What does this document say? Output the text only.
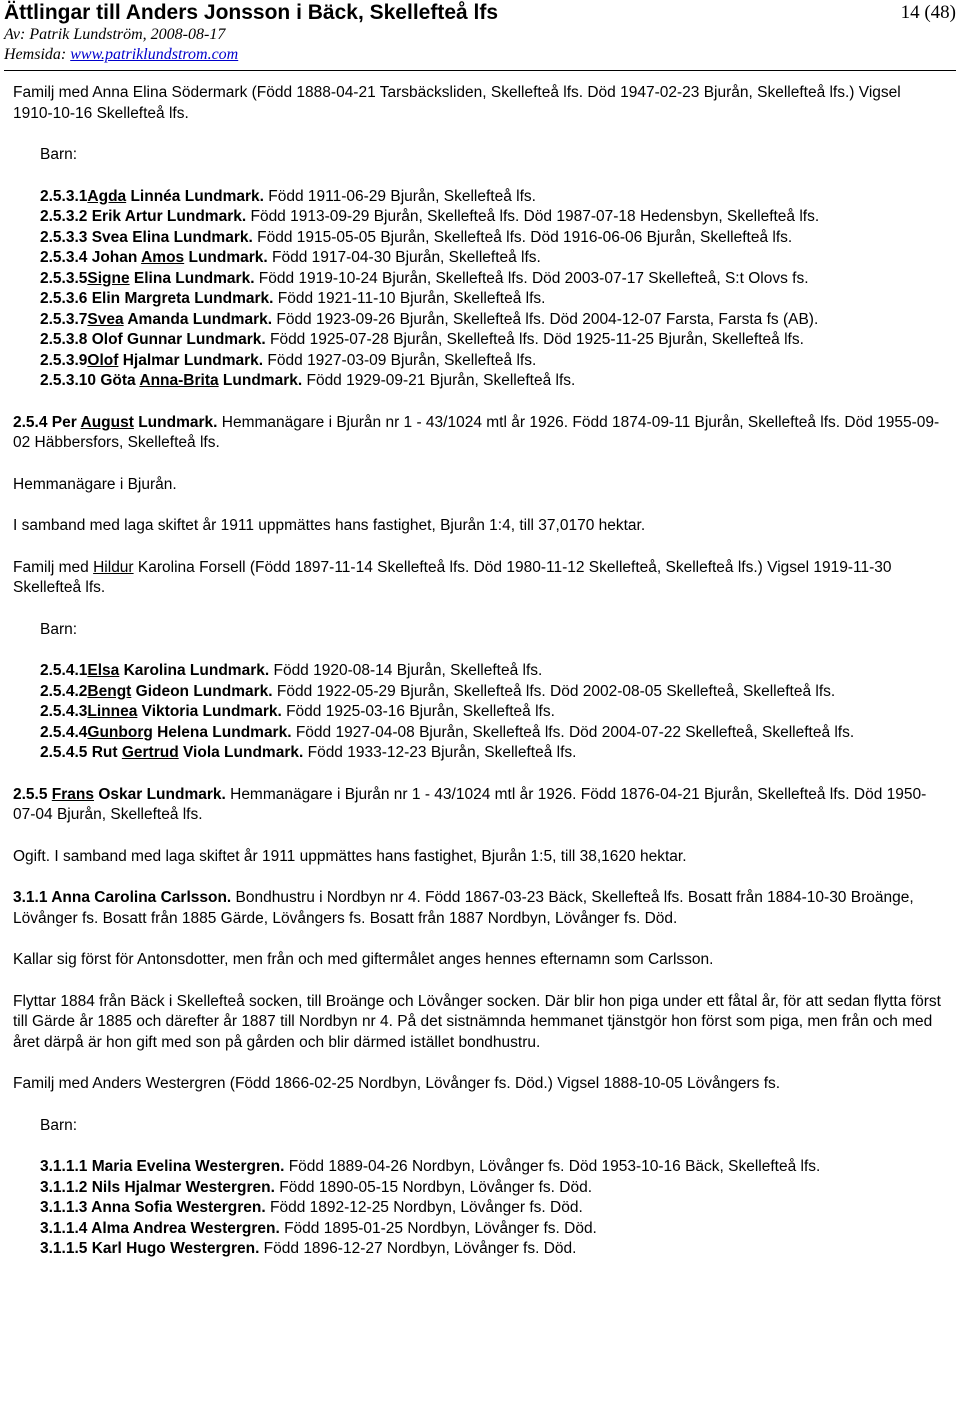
Ättlingar till Anders Jonsson i Bäck, Skellefteå lfs	14 (48)
Av: Patrik Lundström, 2008-08-17
Hemsida: www.patriklundstrom.com

Familj med Anna Elina Södermark (Född 1888-04-21 Tarsbäcksliden, Skellefteå lfs. Död 1947-02-23 Bjurån, Skellefteå lfs.) Vigsel 1910-10-16 Skellefteå lfs.

Barn:

2.5.3.1Agda Linnéa Lundmark. Född 1911-06-29 Bjurån, Skellefteå lfs.
2.5.3.2 Erik Artur Lundmark. Född 1913-09-29 Bjurån, Skellefteå lfs. Död 1987-07-18 Hedensbyn, Skellefteå lfs.
2.5.3.3 Svea Elina Lundmark. Född 1915-05-05 Bjurån, Skellefteå lfs. Död 1916-06-06 Bjurån, Skellefteå lfs.
2.5.3.4 Johan Amos Lundmark. Född 1917-04-30 Bjurån, Skellefteå lfs.
2.5.3.5Signe Elina Lundmark. Född 1919-10-24 Bjurån, Skellefteå lfs. Död 2003-07-17 Skellefteå, S:t Olovs fs.
2.5.3.6 Elin Margreta Lundmark. Född 1921-11-10 Bjurån, Skellefteå lfs.
2.5.3.7Svea Amanda Lundmark. Född 1923-09-26 Bjurån, Skellefteå lfs. Död 2004-12-07 Farsta, Farsta fs (AB).
2.5.3.8 Olof Gunnar Lundmark. Född 1925-07-28 Bjurån, Skellefteå lfs. Död 1925-11-25 Bjurån, Skellefteå lfs.
2.5.3.9Olof Hjalmar Lundmark. Född 1927-03-09 Bjurån, Skellefteå lfs.
2.5.3.10 Göta Anna-Brita Lundmark. Född 1929-09-21 Bjurån, Skellefteå lfs.

2.5.4 Per August Lundmark. Hemmanägare i Bjurån nr 1 - 43/1024 mtl år 1926. Född 1874-09-11 Bjurån, Skellefteå lfs. Död 1955-09-02 Häbbersfors, Skellefteå lfs.

Hemmanägare i Bjurån.

I samband med laga skiftet år 1911 uppmättes hans fastighet, Bjurån 1:4, till 37,0170 hektar.

Familj med Hildur Karolina Forsell (Född 1897-11-14 Skellefteå lfs. Död 1980-11-12 Skellefteå, Skellefteå lfs.) Vigsel 1919-11-30 Skellefteå lfs.

Barn:

2.5.4.1Elsa Karolina Lundmark. Född 1920-08-14 Bjurån, Skellefteå lfs.
2.5.4.2Bengt Gideon Lundmark. Född 1922-05-29 Bjurån, Skellefteå lfs. Död 2002-08-05 Skellefteå, Skellefteå lfs.
2.5.4.3Linnea Viktoria Lundmark. Född 1925-03-16 Bjurån, Skellefteå lfs.
2.5.4.4Gunborg Helena Lundmark. Född 1927-04-08 Bjurån, Skellefteå lfs. Död 2004-07-22 Skellefteå, Skellefteå lfs.
2.5.4.5 Rut Gertrud Viola Lundmark. Född 1933-12-23 Bjurån, Skellefteå lfs.

2.5.5 Frans Oskar Lundmark. Hemmanägare i Bjurån nr 1 - 43/1024 mtl år 1926. Född 1876-04-21 Bjurån, Skellefteå lfs. Död 1950-07-04 Bjurån, Skellefteå lfs.

Ogift. I samband med laga skiftet år 1911 uppmättes hans fastighet, Bjurån 1:5, till 38,1620 hektar.

3.1.1 Anna Carolina Carlsson. Bondhustru i Nordbyn nr 4. Född 1867-03-23 Bäck, Skellefteå lfs. Bosatt från 1884-10-30 Broänge, Lövånger fs. Bosatt från 1885 Gärde, Lövångers fs. Bosatt från 1887 Nordbyn, Lövånger fs. Död.

Kallar sig först för Antonsdotter, men från och med giftermålet anges hennes efternamn som Carlsson.

Flyttar 1884 från Bäck i Skellefteå socken, till Broänge och Lövånger socken. Där blir hon piga under ett fåtal år, för att sedan flytta först till Gärde år 1885 och därefter år 1887 till Nordbyn nr 4. På det sistnämnda hemmanet tjänstgör hon först som piga, men från och med året därpå är hon gift med son på gården och blir därmed istället bondhustru.

Familj med Anders Westergren (Född 1866-02-25 Nordbyn, Lövånger fs. Död.) Vigsel 1888-10-05 Lövångers fs.

Barn:

3.1.1.1 Maria Evelina Westergren. Född 1889-04-26 Nordbyn, Lövånger fs. Död 1953-10-16 Bäck, Skellefteå lfs.
3.1.1.2 Nils Hjalmar Westergren. Född 1890-05-15 Nordbyn, Lövånger fs. Död.
3.1.1.3 Anna Sofia Westergren. Född 1892-12-25 Nordbyn, Lövånger fs. Död.
3.1.1.4 Alma Andrea Westergren. Född 1895-01-25 Nordbyn, Lövånger fs. Död.
3.1.1.5 Karl Hugo Westergren. Född 1896-12-27 Nordbyn, Lövånger fs. Död.
